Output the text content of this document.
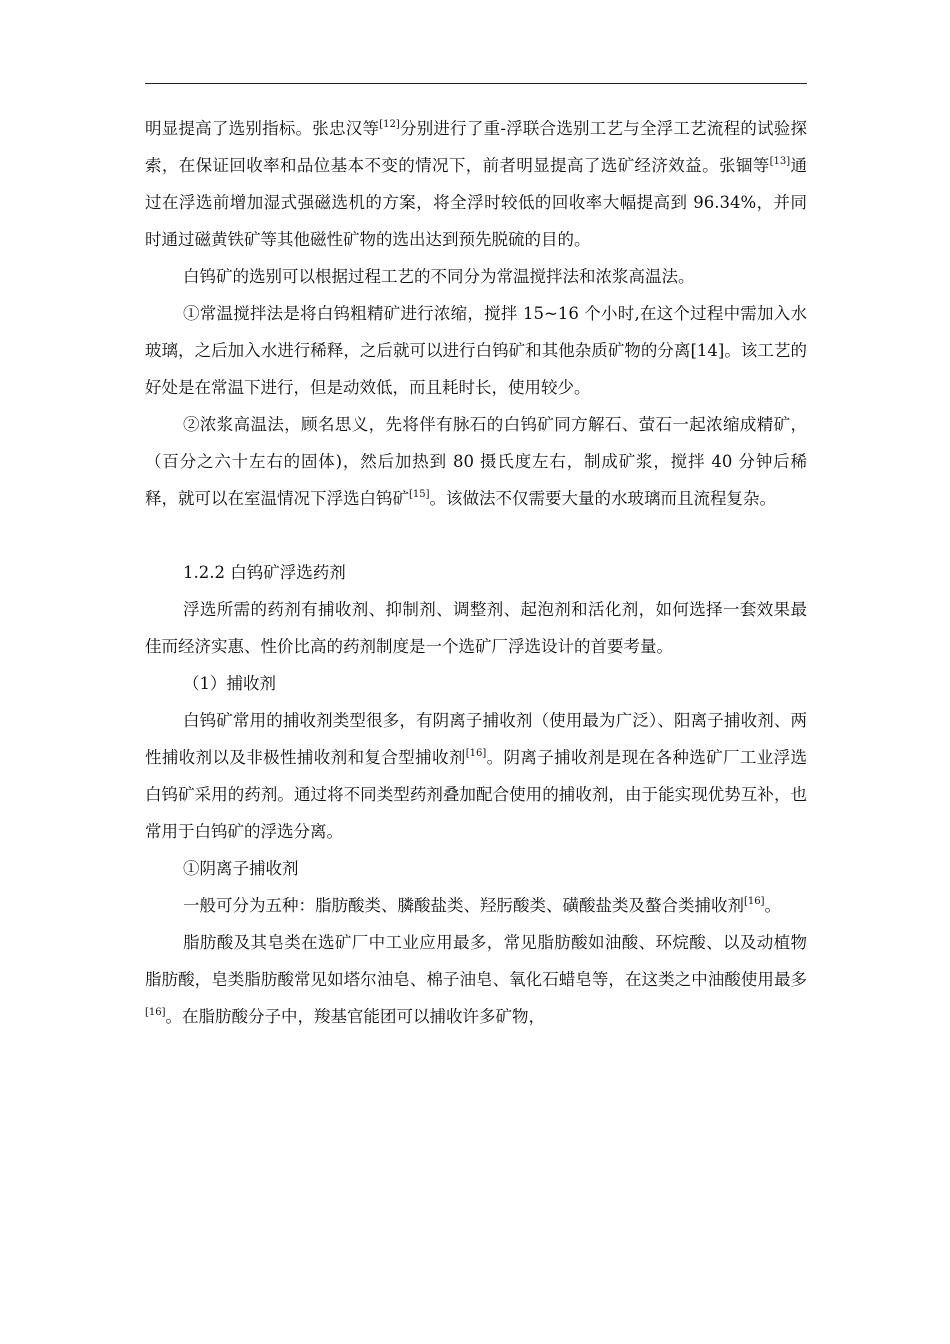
明显提高了选别指标。张忠汉等[12]分别进行了重-浮联合选别工艺与全浮工艺流程的试验探索，在保证回收率和品位基本不变的情况下，前者明显提高了选矿经济效益。张锢等[13]通过在浮选前增加湿式强磁选机的方案，将全浮时较低的回收率大幅提高到 96.34%，并同时通过磁黄铁矿等其他磁性矿物的选出达到预先脱硫的目的。

白钨矿的选别可以根据过程工艺的不同分为常温搅拌法和浓浆高温法。

①常温搅拌法是将白钨粗精矿进行浓缩，搅拌 15~16 个小时,在这个过程中需加入水玻璃，之后加入水进行稀释，之后就可以进行白钨矿和其他杂质矿物的分离[14]。该工艺的好处是在常温下进行，但是动效低，而且耗时长，使用较少。

②浓浆高温法，顾名思义，先将伴有脉石的白钨矿同方解石、萤石一起浓缩成精矿，（百分之六十左右的固体)，然后加热到 80 摄氏度左右，制成矿浆，搅拌 40 分钟后稀释，就可以在室温情况下浮选白钨矿[15]。该做法不仅需要大量的水玻璃而且流程复杂。

1.2.2 白钨矿浮选药剂

浮选所需的药剂有捕收剂、抑制剂、调整剂、起泡剂和活化剂，如何选择一套效果最佳而经济实惠、性价比高的药剂制度是一个选矿厂浮选设计的首要考量。

（1）捕收剂

白钨矿常用的捕收剂类型很多，有阴离子捕收剂（使用最为广泛）、阳离子捕收剂、两性捕收剂以及非极性捕收剂和复合型捕收剂[16]。阴离子捕收剂是现在各种选矿厂工业浮选白钨矿采用的药剂。通过将不同类型药剂叠加配合使用的捕收剂，由于能实现优势互补，也常用于白钨矿的浮选分离。

①阴离子捕收剂

一般可分为五种：脂肪酸类、膦酸盐类、羟肟酸类、磺酸盐类及螯合类捕收剂[16]。

脂肪酸及其皂类在选矿厂中工业应用最多，常见脂肪酸如油酸、环烷酸、以及动植物脂肪酸，皂类脂肪酸常见如塔尔油皂、棉子油皂、氧化石蜡皂等，在这类之中油酸使用最多[16]。在脂肪酸分子中，羧基官能团可以捕收许多矿物，
